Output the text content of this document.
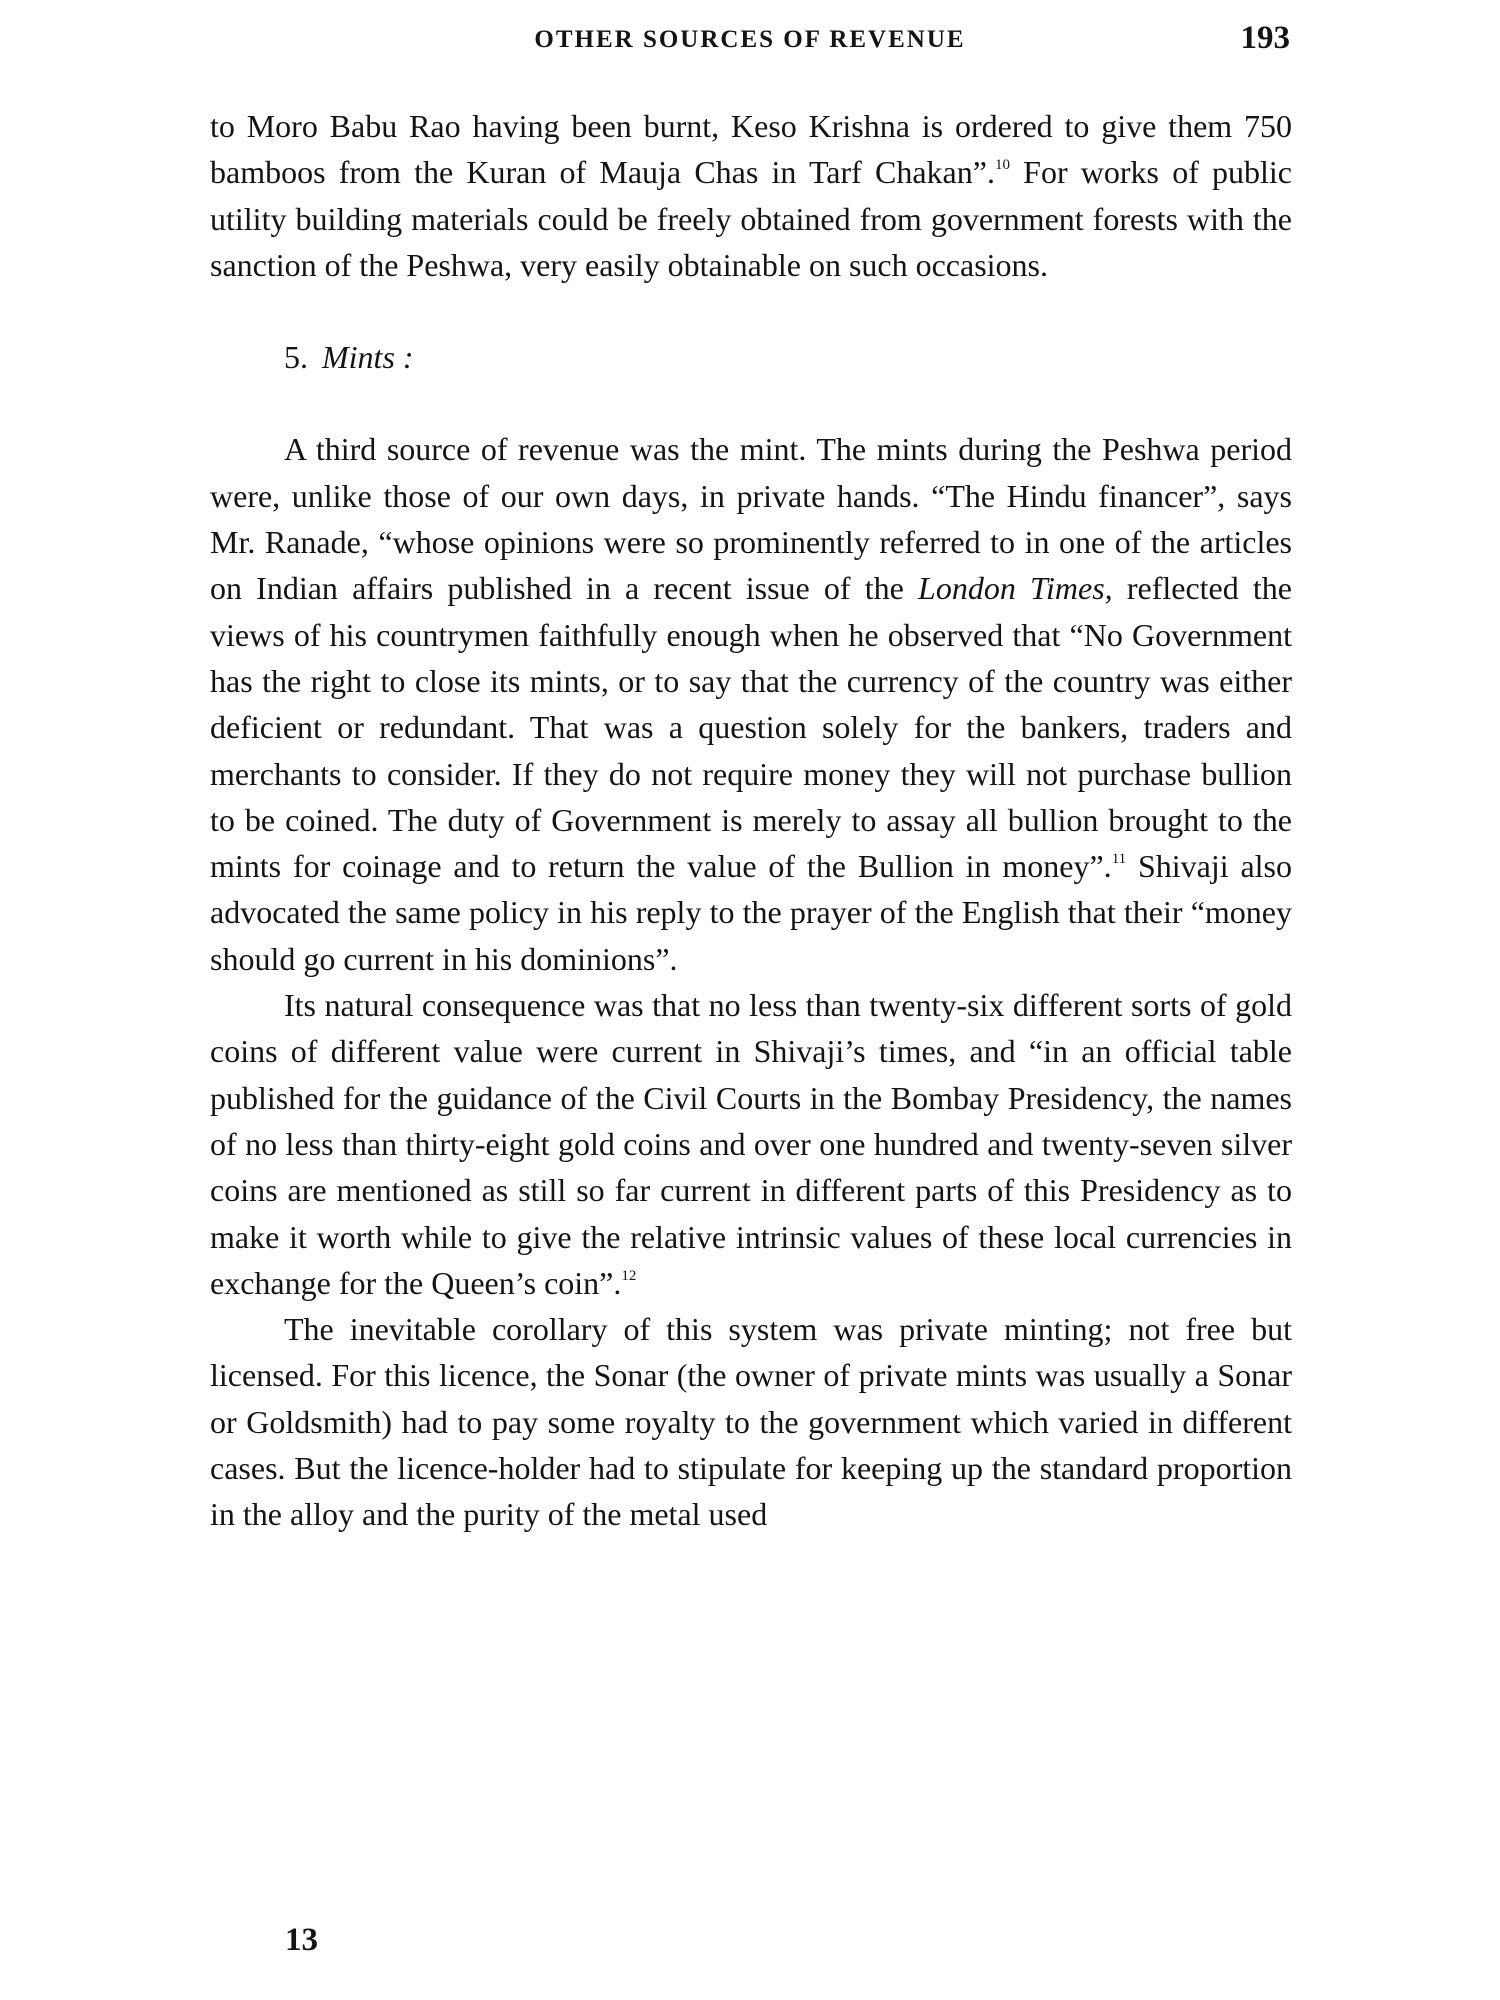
OTHER SOURCES OF REVENUE	193

to Moro Babu Rao having been burnt, Keso Krishna is ordered to give them 750 bamboos from the Kuran of Mauja Chas in Tarf Chakan”.$^{10}$ For works of public utility building materials could be freely obtained from government forests with the sanction of the Peshwa, very easily obtainable on such occasions.

5. Mints :

A third source of revenue was the mint. The mints during the Peshwa period were, unlike those of our own days, in private hands. “The Hindu financer”, says Mr. Ranade, “whose opinions were so prominently referred to in one of the articles on Indian affairs published in a recent issue of the London Times, reflected the views of his countrymen faithfully enough when he observed that “No Government has the right to close its mints, or to say that the currency of the country was either deficient or redundant. That was a question solely for the bankers, traders and merchants to consider. If they do not require money they will not purchase bullion to be coined. The duty of Government is merely to assay all bullion brought to the mints for coinage and to return the value of the Bullion in money”.$^{11}$ Shivaji also advocated the same policy in his reply to the prayer of the English that their “money should go current in his dominions”.

Its natural consequence was that no less than twenty-six different sorts of gold coins of different value were current in Shivaji’s times, and “in an official table published for the guidance of the Civil Courts in the Bombay Presidency, the names of no less than thirty-eight gold coins and over one hundred and twenty-seven silver coins are mentioned as still so far current in different parts of this Presidency as to make it worth while to give the relative intrinsic values of these local currencies in exchange for the Queen’s coin”.$^{12}$

The inevitable corollary of this system was private minting; not free but licensed. For this licence, the Sonar (the owner of private mints was usually a Sonar or Goldsmith) had to pay some royalty to the government which varied in different cases. But the licence-holder had to stipulate for keeping up the standard proportion in the alloy and the purity of the metal used

13
